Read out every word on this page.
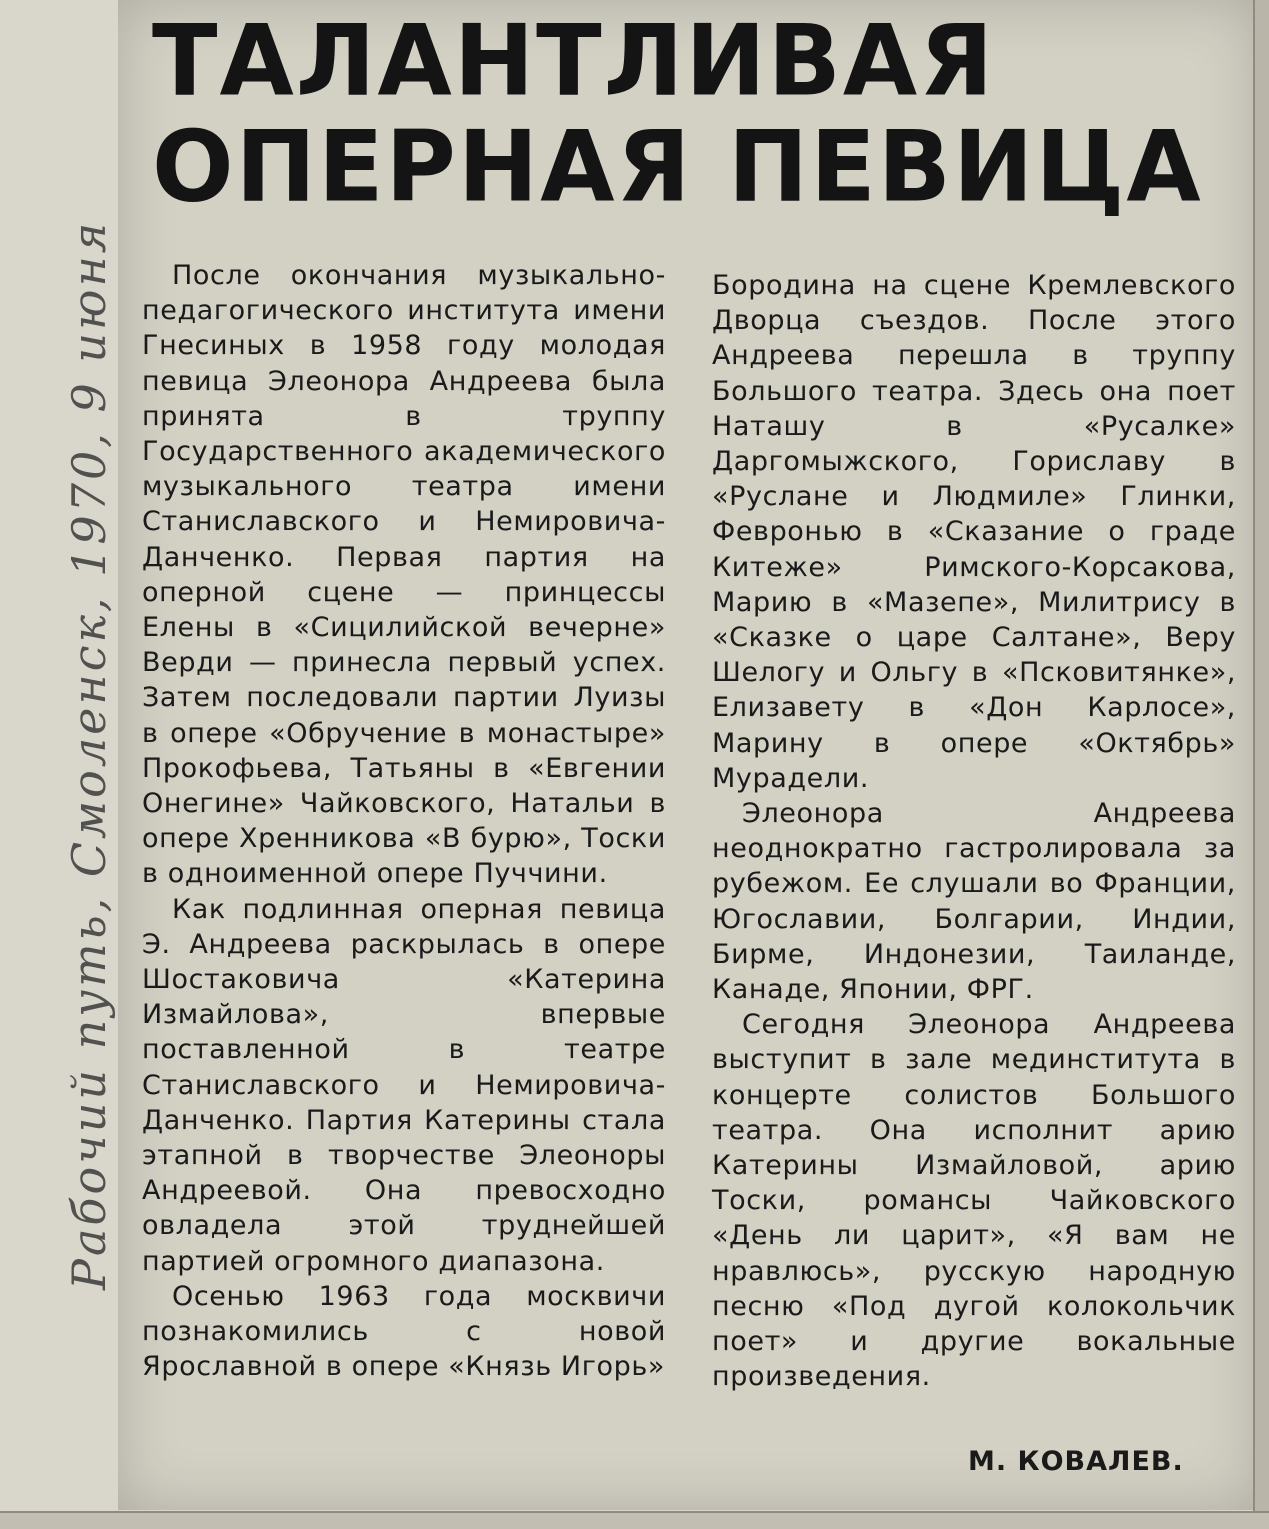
Рабочий путь, Смоленск, 1970, 9 июня
ТАЛАНТЛИВАЯ
ОПЕРНАЯ ПЕВИЦА

После окончания музыкально-педагогического института имени Гнесиных в 1958 году молодая певица Элеонора Андреева была принята в труппу Государственного академического музыкального театра имени Станиславского и Немировича-Данченко. Первая партия на оперной сцене — принцессы Елены в «Сицилийской вечерне» Верди — принесла первый успех. Затем последовали партии Луизы в опере «Обручение в монастыре» Прокофьева, Татьяны в «Евгении Онегине» Чайковского, Натальи в опере Хренникова «В бурю», Тоски в одноименной опере Пуччини.

Как подлинная оперная певица Э. Андреева раскрылась в опере Шостаковича «Катерина Измайлова», впервые поставленной в театре Станиславского и Немировича-Данченко. Партия Катерины стала этапной в творчестве Элеоноры Андреевой. Она превосходно овладела этой труднейшей партией огромного диапазона.

Осенью 1963 года москвичи познакомились с новой Ярославной в опере «Князь Игорь»

Бородина на сцене Кремлевского Дворца съездов. После этого Андреева перешла в труппу Большого театра. Здесь она поет Наташу в «Русалке» Даргомыжского, Гориславу в «Руслане и Людмиле» Глинки, Февронью в «Сказание о граде Китеже» Римского-Корсакова, Марию в «Мазепе», Милитрису в «Сказке о царе Салтане», Веру Шелогу и Ольгу в «Псковитянке», Елизавету в «Дон Карлосе», Марину в опере «Октябрь» Мурадели.

Элеонора Андреева неоднократно гастролировала за рубежом. Ее слушали во Франции, Югославии, Болгарии, Индии, Бирме, Индонезии, Таиланде, Канаде, Японии, ФРГ.

Сегодня Элеонора Андреева выступит в зале мединститута в концерте солистов Большого театра. Она исполнит арию Катерины Измайловой, арию Тоски, романсы Чайковского «День ли царит», «Я вам не нравлюсь», русскую народную песню «Под дугой колокольчик поет» и другие вокальные произведения.

М. КОВАЛЕВ.
